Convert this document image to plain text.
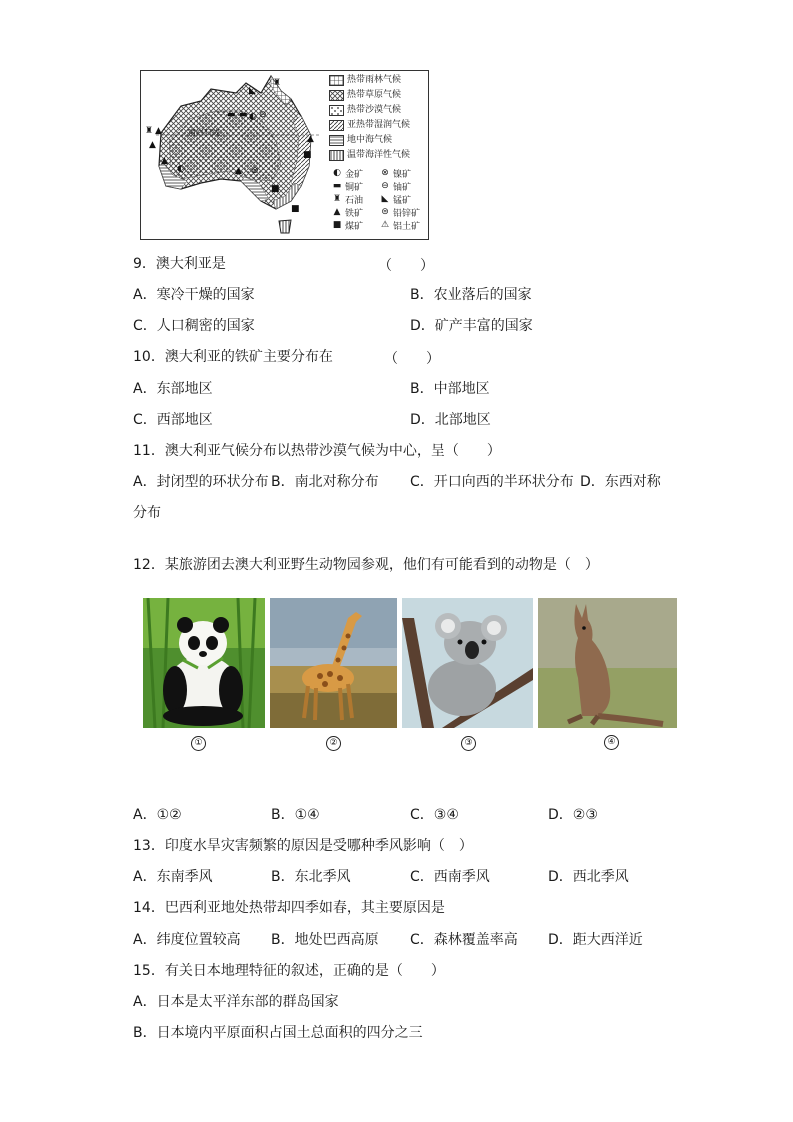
♜ ▲
▲
▲
◐	▲ ⊜
▬ ▬ ◐ ⊖
◣
♜
■
■
■
▲
南回归线
热带雨林气候
热带草原气候
热带沙漠气候
亚热带湿润气候
地中海气候
温带海洋性气候
◐ 金矿 ⊗ 镍矿
▬ 铜矿 ⊖ 铀矿
♜ 石油 ◣ 锰矿
▲ 铁矿 ⊜ 铅锌矿
■ 煤矿 ⚠ 铝土矿
9．澳大利亚是	（　　）
A．寒冷干燥的国家	B．农业落后的国家
C．人口稠密的国家	D．矿产丰富的国家
10．澳大利亚的铁矿主要分布在	（　　）
A．东部地区	B．中部地区
C．西部地区	D．北部地区
11．澳大利亚气候分布以热带沙漠气候为中心，呈（　　）
A．封闭型的环状分布 B．南北对称分布 C．开口向西的半环状分布 D．东西对称
分布
12．某旅游团去澳大利亚野生动物园参观，他们有可能看到的动物是（　）
①	②	③	④
A．①②	B．①④	C．③④	D．②③
13．印度水旱灾害频繁的原因是受哪种季风影响（　）
A．东南季风	B．东北季风	C．西南季风	D．西北季风
14．巴西利亚地处热带却四季如春，其主要原因是
A．纬度位置较高 B．地处巴西高原 C．森林覆盖率高 D．距大西洋近
15．有关日本地理特征的叙述，正确的是（　　）
A．日本是太平洋东部的群岛国家
B．日本境内平原面积占国土总面积的四分之三
